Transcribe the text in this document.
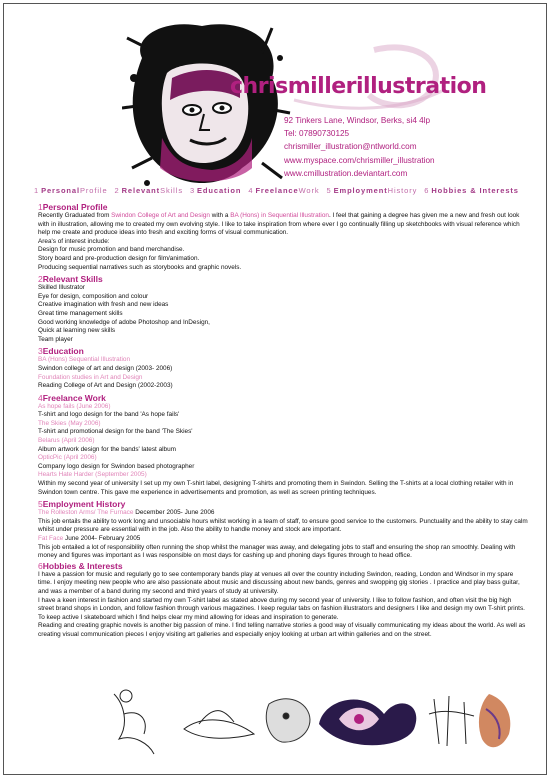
chrismillerillustration
92 Tinkers Lane, Windsor, Berks, si4 4lp
Tel: 07890730125
chrismiller_illustration@ntlworld.com
www.myspace.com/chrismiller_illustration
www.cmillustration.deviantart.com
1 PersonalProfile 2 RelevantSkills 3 Education 4 FreelanceWork 5 EmploymentHistory 6 Hobbies & Interests
1Personal Profile

Recently Graduated from Swindon College of Art and Design with a BA (Hons) in Sequential Illustration. I feel that gaining a degree has given me a new and fresh out look with in illustration, allowing me to created my own evolving style. I like to take inspiration from where ever I go continually filling up sketchbooks with visual reference which help me create and produce ideas into fresh and exciting forms of visual communication.

Area's of interest include:

Design for music promotion and band merchandise.

Story board and pre-production design for film/animation.

Producing sequential narratives such as storybooks and graphic novels.

2Relevant Skills

Skilled Illustrator

Eye for design, composition and colour

Creative imagination with fresh and new ideas

Great time management skills

Good working knowledge of adobe Photoshop and InDesign,

Quick at learning new skills

Team player

3Education

BA (Hons) Sequential Illustration

Swindon college of art and design (2003- 2006)

Foundation studies in Art and Design

Reading College of Art and Design (2002-2003)

4Freelance Work

As hope fails (June 2006)

T-shirt and logo design for the band 'As hope fails'

The Skies (May 2006)

T-shirt and promotional design for the band 'The Skies'

Belarus (April 2006)

Album artwork design for the bands' latest album

OpticPic (April 2006)

Company logo design for Swindon based photographer

Hearts Hate Harder (September 2005)

Within my second year of university I set up my own T-shirt label, designing T-shirts and promoting them in Swindon. Selling the T-shirts at a local clothing retailer with in Swindon town centre. This gave me experience in advertisements and promotion, as well as screen printing techniques.

5Employment History

The Rolleston Arms/ The Furnace December 2005- June 2006

This job entails the ability to work long and unsociable hours whilst working in a team of staff, to ensure good service to the customers. Punctuality and the ability to stay calm whilst under pressure are essential with in the job. Also the ability to handle money and stock are important.

Fat Face June 2004- February 2005

This job entailed a lot of responsibility often running the shop whilst the manager was away, and delegating jobs to staff and ensuring the shop ran smoothly. Dealing with money and figures was important as I was responsible on most days for cashing up and phoning days figures through to head office.

6Hobbies & Interests

I have a passion for music and regularly go to see contemporary bands play at venues all over the country including Swindon, reading, London and Windsor in my spare time. I enjoy meeting new people who are also passionate about music and discussing about new bands, genres and swopping gig stories . I practice and play bass guitar, and was a member of a band during my second and third years of study at university.

I have a keen interest in fashion and started my own T-shirt label as stated above during my second year of university. I like to follow fashion, and often visit the big high street brand shops in London, and follow fashion through various magazines. I keep regular tabs on fashion illustrators and designers I like and design my own T-shirt prints.

To keep active I skateboard which I find helps clear my mind allowing for ideas and inspiration to generate.

Reading and creating graphic novels is another big passion of mine. I find telling narrative stories a good way of visually communicating my ideas about the world. As well as creating visual communication pieces I enjoy visiting art galleries and especially enjoy looking at urban art within galleries and on the street.
